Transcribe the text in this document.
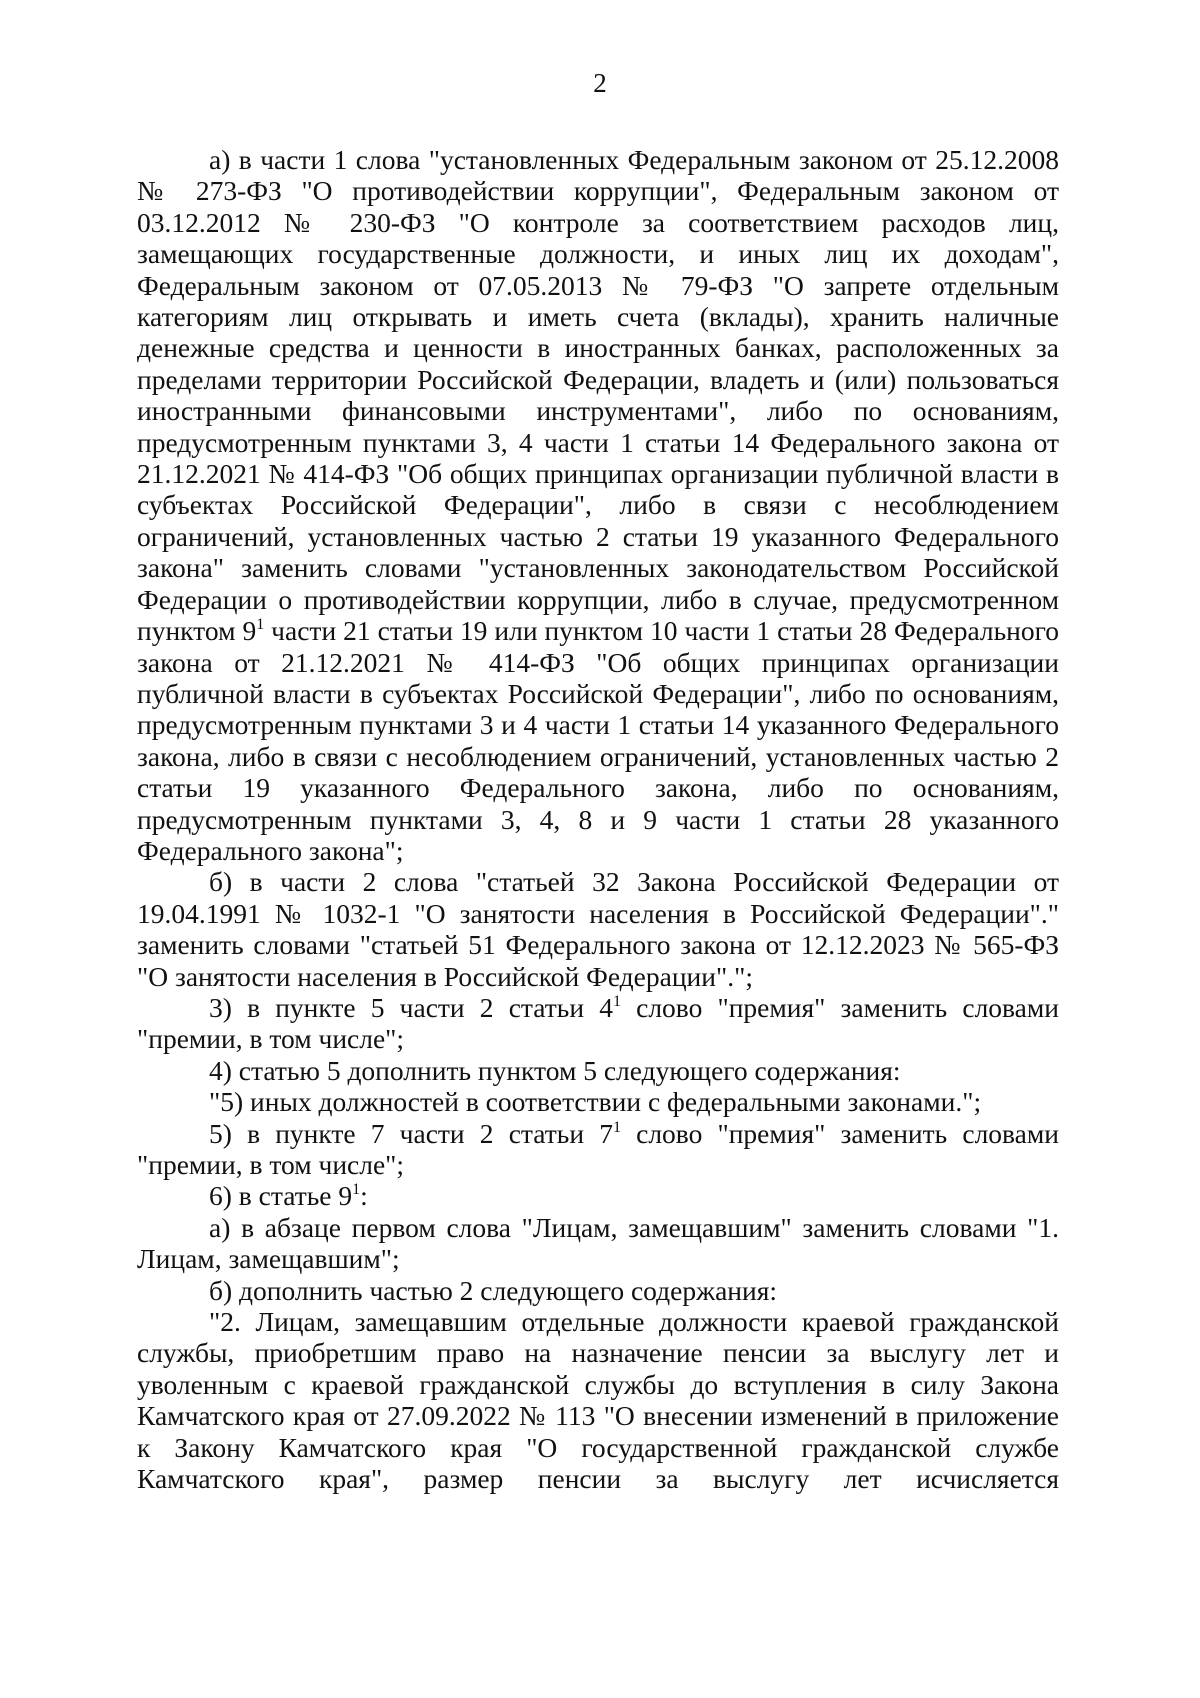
2

а) в части 1 слова "установленных Федеральным законом от 25.12.2008 № 273-ФЗ "О противодействии коррупции", Федеральным законом от 03.12.2012 № 230-ФЗ "О контроле за соответствием расходов лиц, замещающих государственные должности, и иных лиц их доходам", Федеральным законом от 07.05.2013 № 79-ФЗ "О запрете отдельным категориям лиц открывать и иметь счета (вклады), хранить наличные денежные средства и ценности в иностранных банках, расположенных за пределами территории Российской Федерации, владеть и (или) пользоваться иностранными финансовыми инструментами", либо по основаниям, предусмотренным пунктами 3, 4 части 1 статьи 14 Федерального закона от 21.12.2021 № 414-ФЗ "Об общих принципах организации публичной власти в субъектах Российской Федерации", либо в связи с несоблюдением ограничений, установленных частью 2 статьи 19 указанного Федерального закона" заменить словами "установленных законодательством Российской Федерации о противодействии коррупции, либо в случае, предусмотренном пунктом $9^1$ части 21 статьи 19 или пунктом 10 части 1 статьи 28 Федерального закона от 21.12.2021 № 414-ФЗ "Об общих принципах организации публичной власти в субъектах Российской Федерации", либо по основаниям, предусмотренным пунктами 3 и 4 части 1 статьи 14 указанного Федерального закона, либо в связи с несоблюдением ограничений, установленных частью 2 статьи 19 указанного Федерального закона, либо по основаниям, предусмотренным пунктами 3, 4, 8 и 9 части 1 статьи 28 указанного Федерального закона";

б) в части 2 слова "статьей 32 Закона Российской Федерации от 19.04.1991 № 1032-1 "О занятости населения в Российской Федерации"." заменить словами "статьей 51 Федерального закона от 12.12.2023 № 565-ФЗ "О занятости населения в Российской Федерации".";

3) в пункте 5 части 2 статьи $4^1$ слово "премия" заменить словами "премии, в том числе";

4) статью 5 дополнить пунктом 5 следующего содержания:

"5) иных должностей в соответствии с федеральными законами.";

5) в пункте 7 части 2 статьи $7^1$ слово "премия" заменить словами "премии, в том числе";

6) в статье $9^1$:

а) в абзаце первом слова "Лицам, замещавшим" заменить словами "1. Лицам, замещавшим";

б) дополнить частью 2 следующего содержания:

"2. Лицам, замещавшим отдельные должности краевой гражданской службы, приобретшим право на назначение пенсии за выслугу лет и уволенным с краевой гражданской службы до вступления в силу Закона Камчатского края от 27.09.2022 № 113 "О внесении изменений в приложение к Закону Камчатского края "О государственной гражданской службе Камчатского края", размер пенсии за выслугу лет исчисляется
